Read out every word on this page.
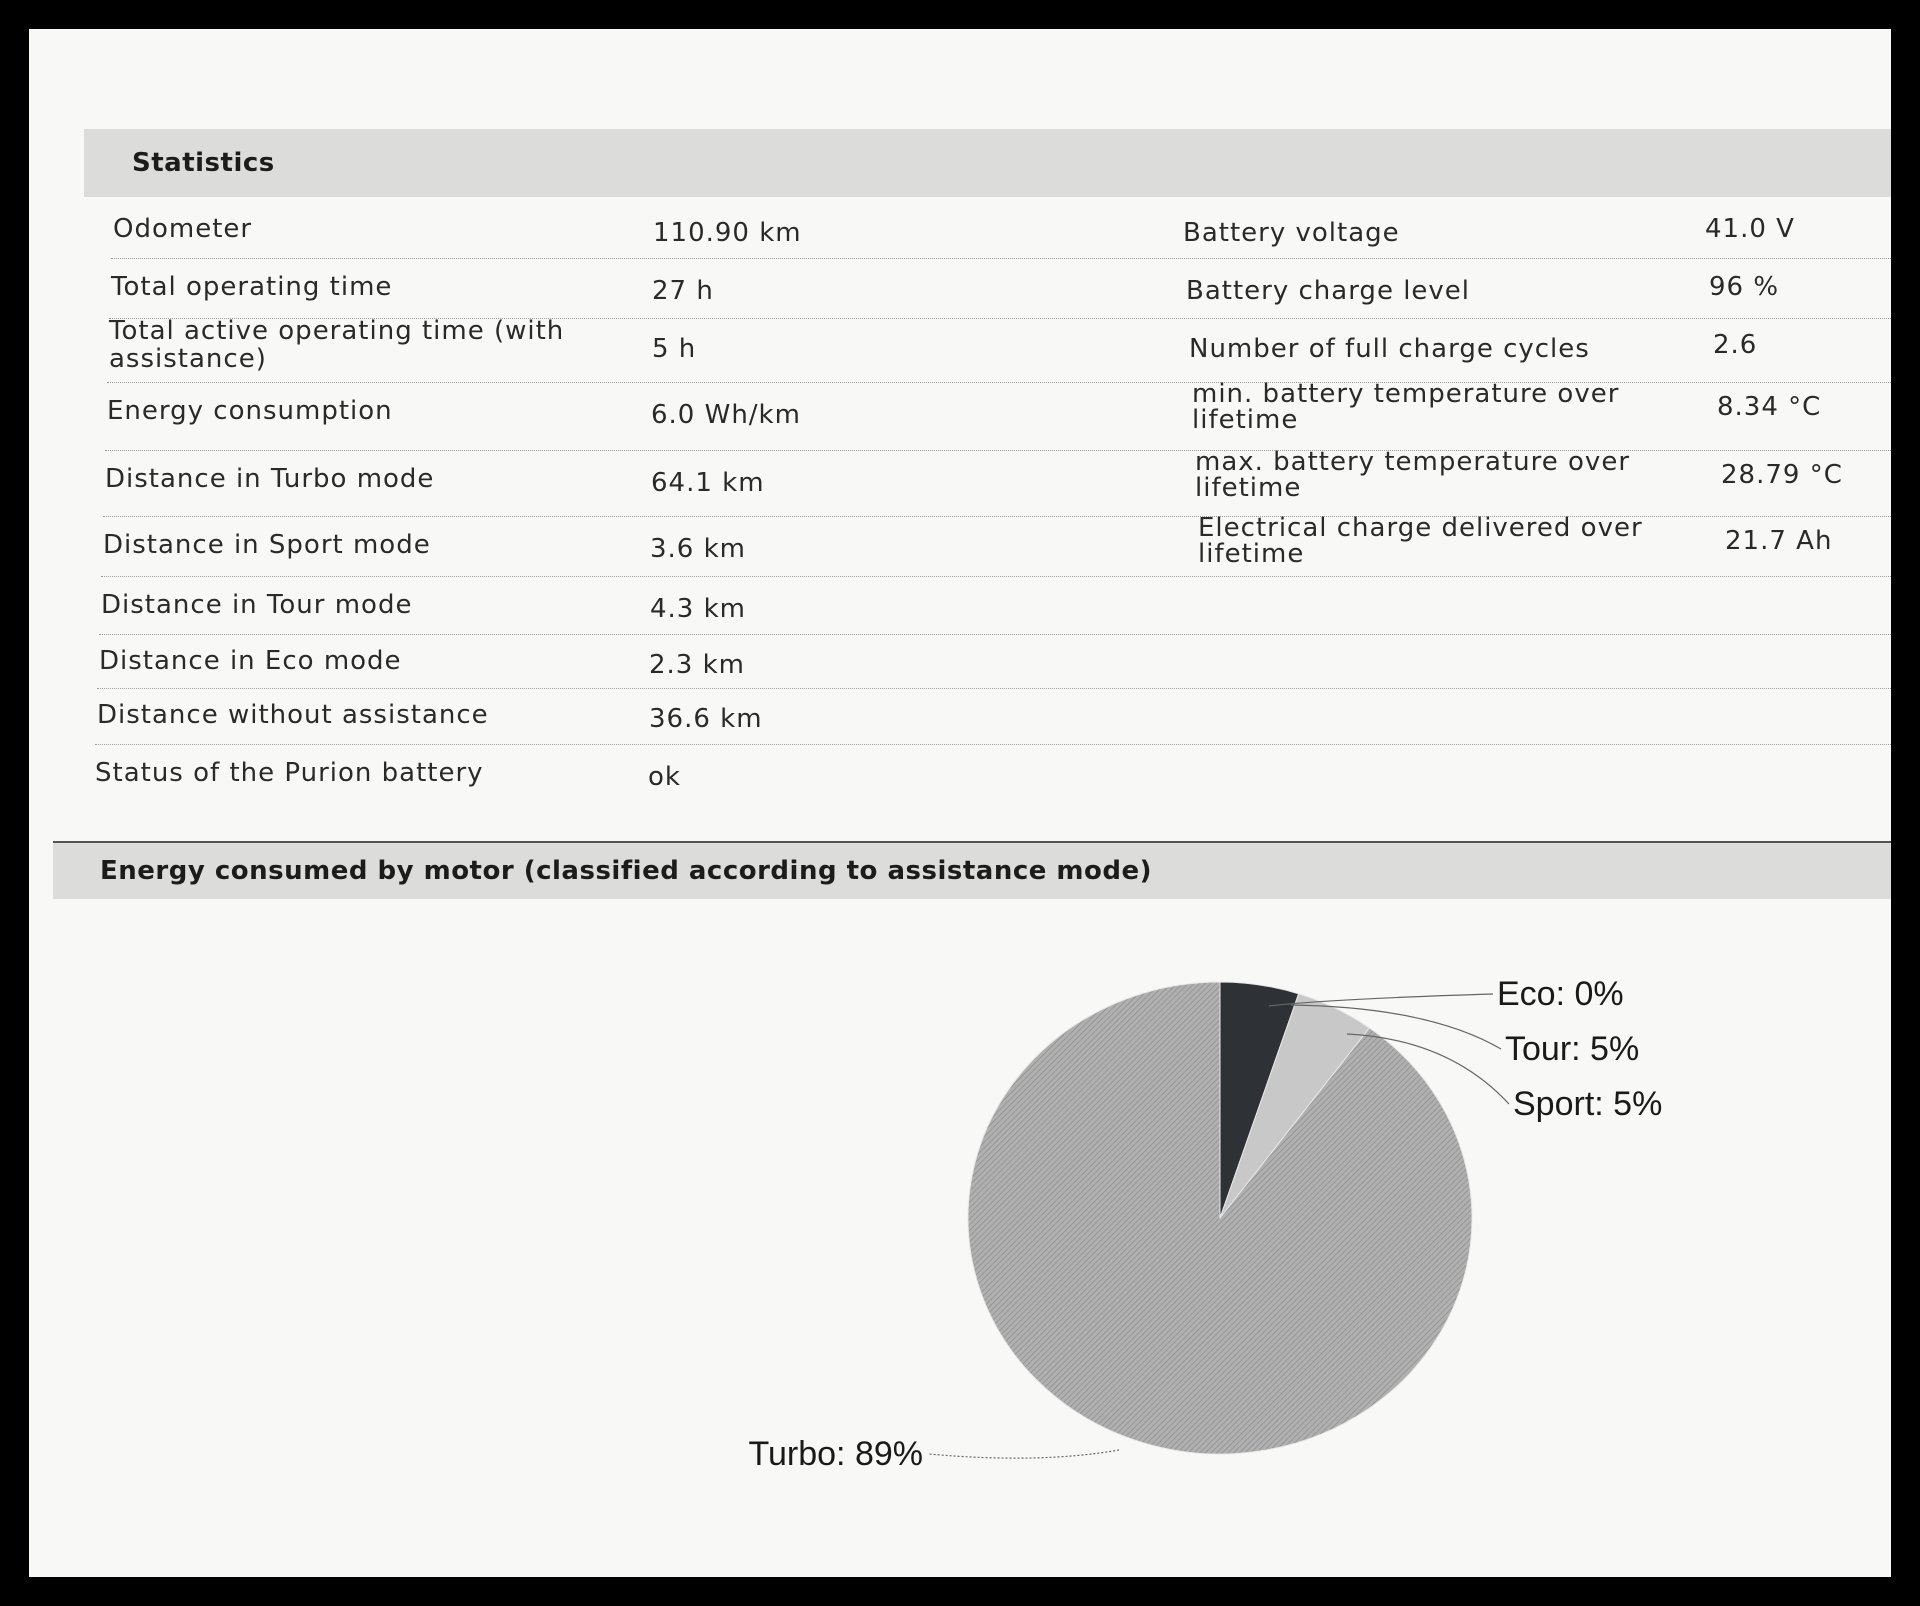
Statistics
Odometer	110.90 km
Total operating time	27 h
Total active operating time (with assistance)	5 h
Energy consumption	6.0 Wh/km
Distance in Turbo mode	64.1 km
Distance in Sport mode	3.6 km
Distance in Tour mode	4.3 km
Distance in Eco mode	2.3 km
Distance without assistance	36.6 km
Status of the Purion battery	ok
Battery voltage	41.0 V
Battery charge level	96 %
Number of full charge cycles	2.6
min. battery temperature over lifetime	8.34 °C
max. battery temperature over lifetime	28.79 °C
Electrical charge delivered over lifetime	21.7 Ah
Energy consumed by motor (classified according to assistance mode)
Eco: 0%
Tour: 5%
Sport: 5%
Turbo: 89%
